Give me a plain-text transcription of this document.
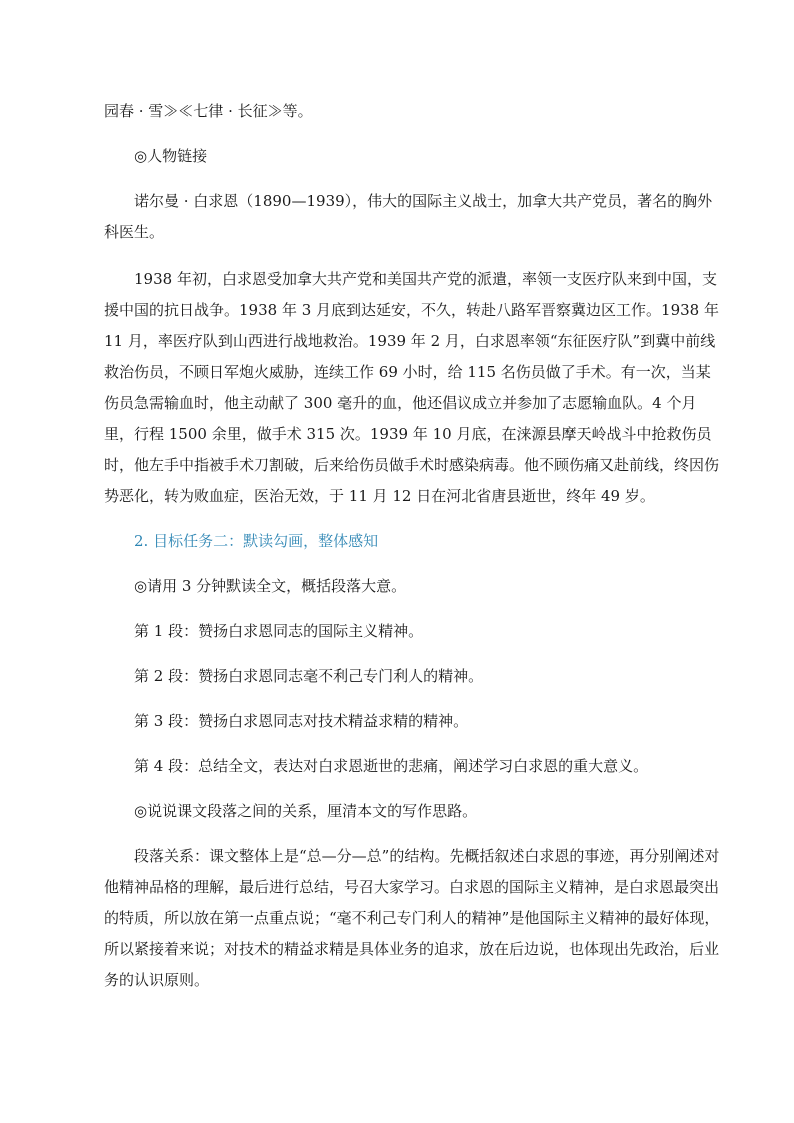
园春 · 雪≫≪七律 · 长征≫等。

◎人物链接

诺尔曼 · 白求恩（1890—1939），伟大的国际主义战士，加拿大共产党员，著名的胸外科医生。

1938 年初，白求恩受加拿大共产党和美国共产党的派遣，率领一支医疗队来到中国，支援中国的抗日战争。1938 年 3 月底到达延安，不久，转赴八路军晋察冀边区工作。1938 年 11 月，率医疗队到山西进行战地救治。1939 年 2 月，白求恩率领“东征医疗队”到冀中前线救治伤员，不顾日军炮火威胁，连续工作 69 小时，给 115 名伤员做了手术。有一次，当某伤员急需输血时，他主动献了 300 毫升的血，他还倡议成立并参加了志愿输血队。4 个月里，行程 1500 余里，做手术 315 次。1939 年 10 月底，在涞源县摩天岭战斗中抢救伤员时，他左手中指被手术刀割破，后来给伤员做手术时感染病毒。他不顾伤痛又赴前线，终因伤势恶化，转为败血症，医治无效，于 11 月 12 日在河北省唐县逝世，终年 49 岁。

2. 目标任务二：默读勾画，整体感知

◎请用 3 分钟默读全文，概括段落大意。

第 1 段：赞扬白求恩同志的国际主义精神。

第 2 段：赞扬白求恩同志毫不利己专门利人的精神。

第 3 段：赞扬白求恩同志对技术精益求精的精神。

第 4 段：总结全文，表达对白求恩逝世的悲痛，阐述学习白求恩的重大意义。

◎说说课文段落之间的关系，厘清本文的写作思路。

段落关系：课文整体上是“总—分—总”的结构。先概括叙述白求恩的事迹，再分别阐述对他精神品格的理解，最后进行总结，号召大家学习。白求恩的国际主义精神，是白求恩最突出的特质，所以放在第一点重点说；“毫不利己专门利人的精神”是他国际主义精神的最好体现，所以紧接着来说；对技术的精益求精是具体业务的追求，放在后边说，也体现出先政治，后业务的认识原则。
